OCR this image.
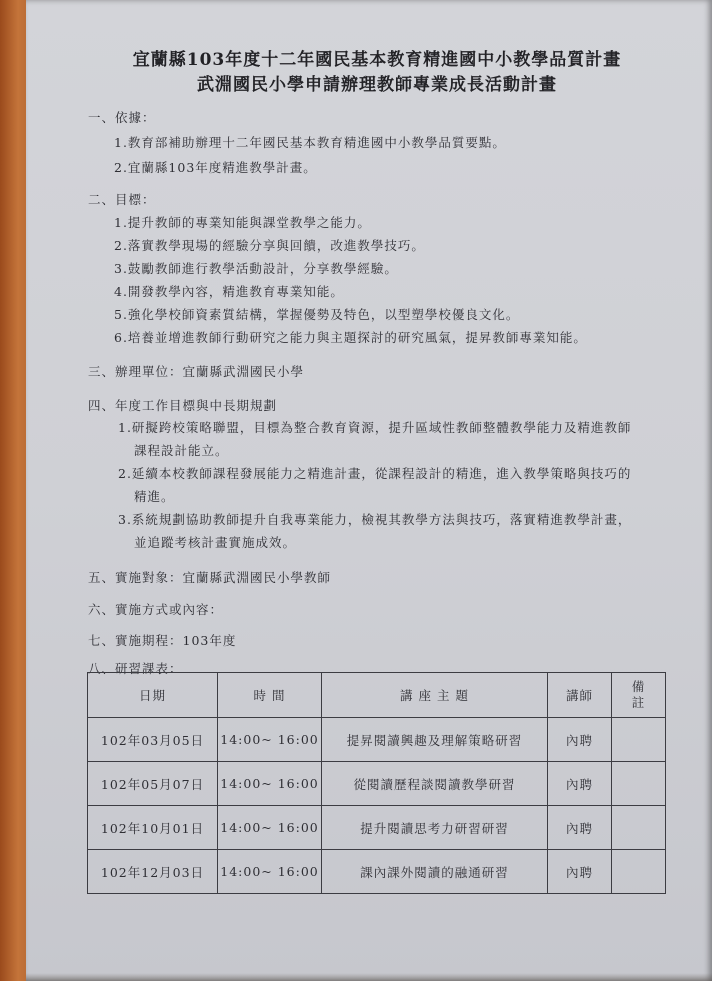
宜蘭縣103年度十二年國民基本教育精進國中小教學品質計畫
武淵國民小學申請辦理教師專業成長活動計畫
一、依據：
1.教育部補助辦理十二年國民基本教育精進國中小教學品質要點。
2.宜蘭縣103年度精進教學計畫。
二、目標：
1.提升教師的專業知能與課堂教學之能力。
2.落實教學現場的經驗分享與回饋，改進教學技巧。
3.鼓勵教師進行教學活動設計，分享教學經驗。
4.開發教學內容，精進教育專業知能。
5.強化學校師資素質結構，掌握優勢及特色，以型塑學校優良文化。
6.培養並增進教師行動研究之能力與主題探討的研究風氣，提昇教師專業知能。
三、辦理單位：宜蘭縣武淵國民小學
四、年度工作目標與中長期規劃
1.研擬跨校策略聯盟，目標為整合教育資源，提升區域性教師整體教學能力及精進教師
課程設計能立。
2.延續本校教師課程發展能力之精進計畫，從課程設計的精進，進入教學策略與技巧的
精進。
3.系統規劃協助教師提升自我專業能力，檢視其教學方法與技巧，落實精進教學計畫，
並追蹤考核計畫實施成效。
五、實施對象：宜蘭縣武淵國民小學教師
六、實施方式或內容：
七、實施期程：103年度
八、研習課表：
日期	時 間	講 座 主 題	講師	備
註

102年03月05日	14:00~ 16:00	提昇閱讀興趣及理解策略研習	內聘	
102年05月07日	14:00~ 16:00	從閱讀歷程談閱讀教學研習	內聘	
102年10月01日	14:00~ 16:00	提升閱讀思考力研習研習	內聘	
102年12月03日	14:00~ 16:00	課內課外閱讀的融通研習	內聘	
